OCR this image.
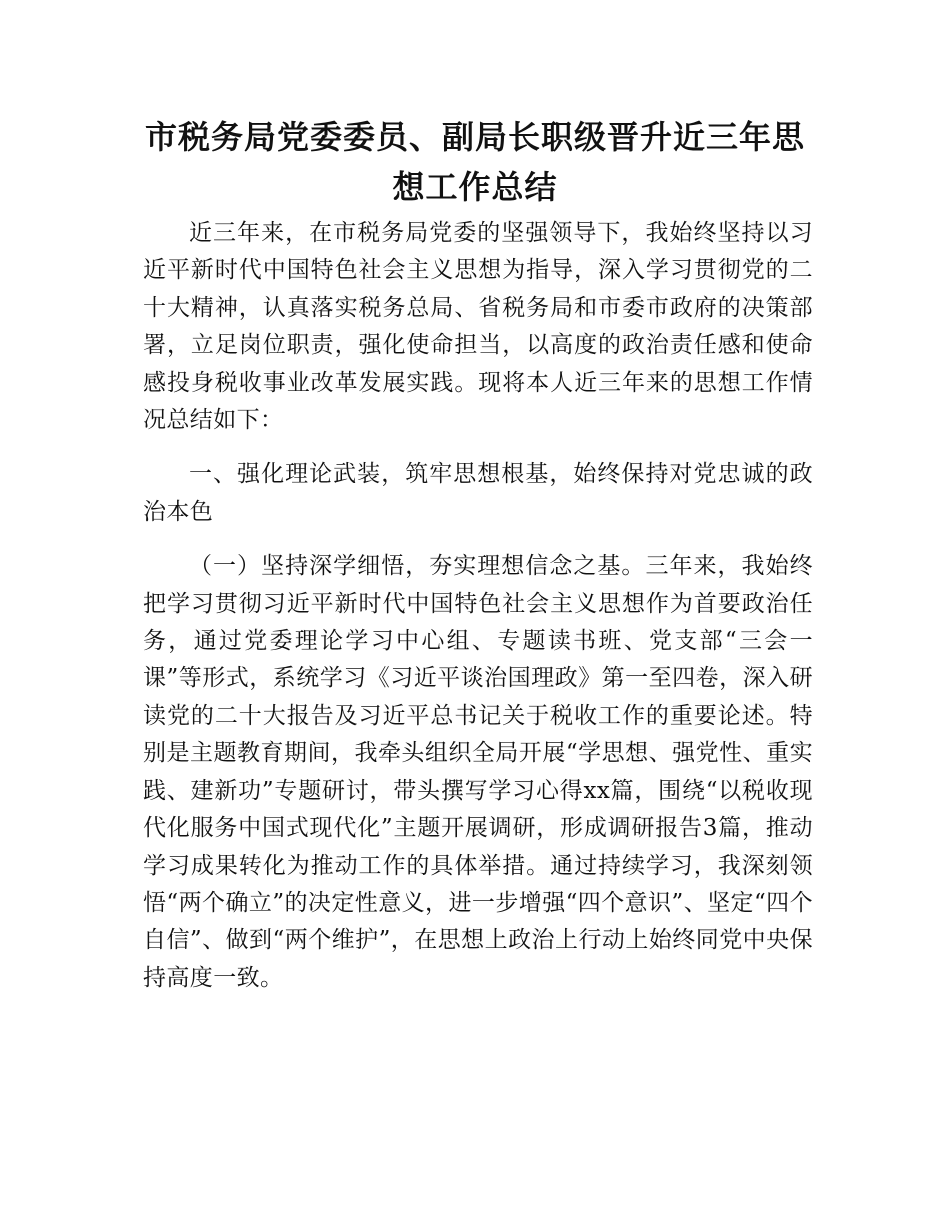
市税务局党委委员、副局长职级晋升近三年思想工作总结

近三年来，在市税务局党委的坚强领导下，我始终坚持以习近平新时代中国特色社会主义思想为指导，深入学习贯彻党的二十大精神，认真落实税务总局、省税务局和市委市政府的决策部署，立足岗位职责，强化使命担当，以高度的政治责任感和使命感投身税收事业改革发展实践。现将本人近三年来的思想工作情况总结如下：

一、强化理论武装，筑牢思想根基，始终保持对党忠诚的政治本色

（一）坚持深学细悟，夯实理想信念之基。三年来，我始终把学习贯彻习近平新时代中国特色社会主义思想作为首要政治任务，通过党委理论学习中心组、专题读书班、党支部“三会一课”等形式，系统学习《习近平谈治国理政》第一至四卷，深入研读党的二十大报告及习近平总书记关于税收工作的重要论述。特别是主题教育期间，我牵头组织全局开展“学思想、强党性、重实践、建新功”专题研讨，带头撰写学习心得xx篇，围绕“以税收现代化服务中国式现代化”主题开展调研，形成调研报告3篇，推动学习成果转化为推动工作的具体举措。通过持续学习，我深刻领悟“两个确立”的决定性意义，进一步增强“四个意识”、坚定“四个自信”、做到“两个维护”，在思想上政治上行动上始终同党中央保持高度一致。
